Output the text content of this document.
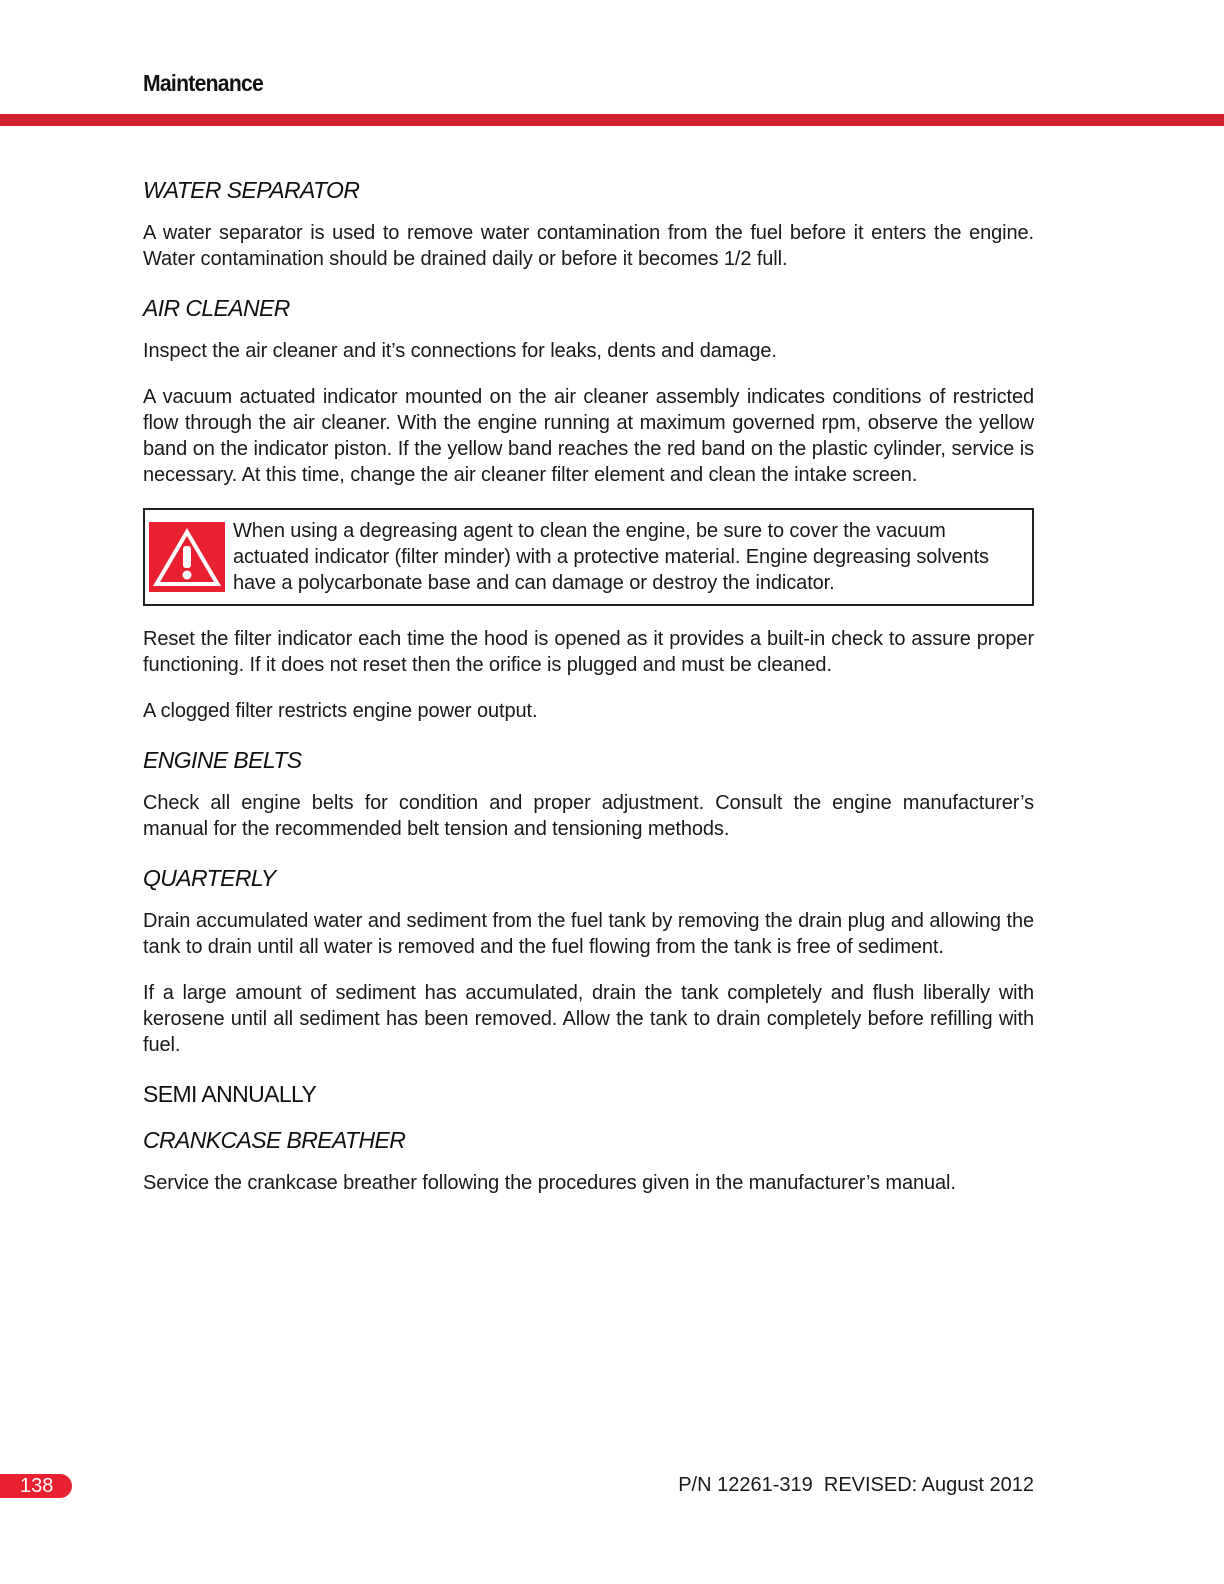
Maintenance
WATER SEPARATOR

A water separator is used to remove water contamination from the fuel before it enters the engine. Water contamination should be drained daily or before it becomes 1/2 full.

AIR CLEANER

Inspect the air cleaner and it’s connections for leaks, dents and damage.

A vacuum actuated indicator mounted on the air cleaner assembly indicates conditions of restricted flow through the air cleaner. With the engine running at maximum governed rpm, observe the yellow band on the indicator piston. If the yellow band reaches the red band on the plastic cylinder, service is necessary. At this time, change the air cleaner filter element and clean the intake screen.

When using a degreasing agent to clean the engine, be sure to cover the vacuum actuated indicator (filter minder) with a protective material. Engine degreasing solvents have a polycarbonate base and can damage or destroy the indicator.

Reset the filter indicator each time the hood is opened as it provides a built-in check to assure proper functioning. If it does not reset then the orifice is plugged and must be cleaned.

A clogged filter restricts engine power output.

ENGINE BELTS

Check all engine belts for condition and proper adjustment. Consult the engine manufacturer’s manual for the recommended belt tension and tensioning methods.

QUARTERLY

Drain accumulated water and sediment from the fuel tank by removing the drain plug and allowing the tank to drain until all water is removed and the fuel flowing from the tank is free of sediment.

If a large amount of sediment has accumulated, drain the tank completely and flush liberally with kerosene until all sediment has been removed. Allow the tank to drain completely before refilling with fuel.

SEMI ANNUALLY
CRANKCASE BREATHER

Service the crankcase breather following the procedures given in the manufacturer’s manual.

138	P/N 12261-319  REVISED: August 2012
